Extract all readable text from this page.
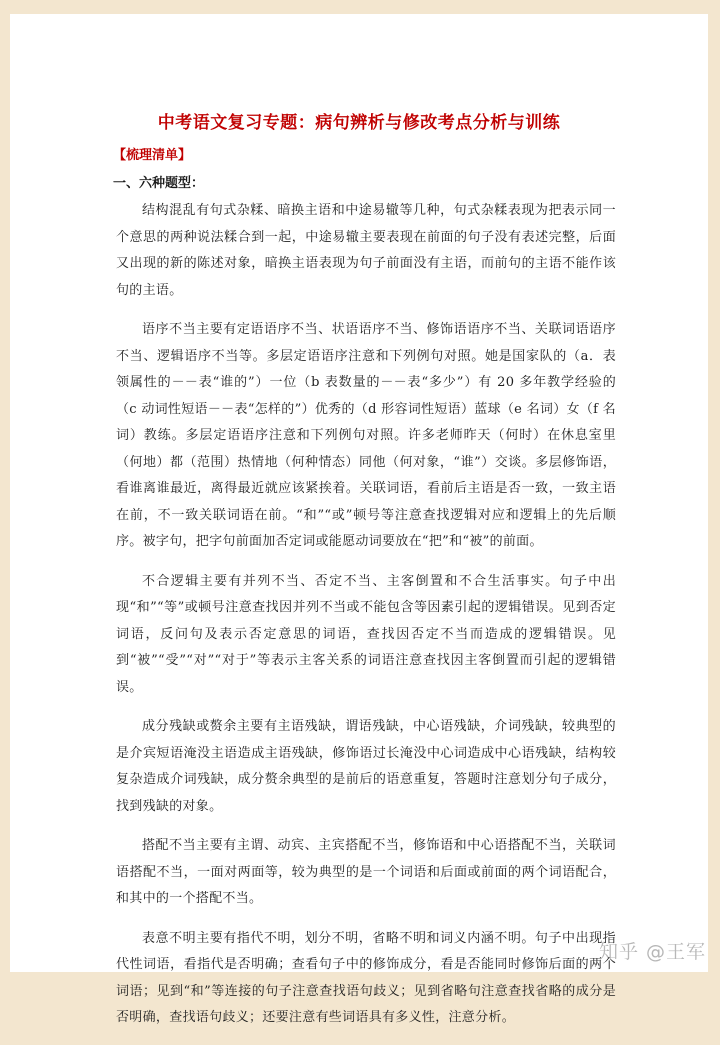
中考语文复习专题：病句辨析与修改考点分析与训练
【梳理清单】
一、六种题型：

结构混乱有句式杂糅、暗换主语和中途易辙等几种，句式杂糅表现为把表示同一个意思的两种说法糅合到一起，中途易辙主要表现在前面的句子没有表述完整，后面又出现的新的陈述对象，暗换主语表现为句子前面没有主语，而前句的主语不能作该句的主语。

语序不当主要有定语语序不当、状语语序不当、修饰语语序不当、关联词语语序不当、逻辑语序不当等。多层定语语序注意和下列例句对照。她是国家队的（a．表领属性的－－表“谁的”）一位（b 表数量的－－表“多少”）有 20 多年教学经验的（c 动词性短语－－表“怎样的”）优秀的（d 形容词性短语）蓝球（e 名词）女（f 名词）教练。多层定语语序注意和下列例句对照。许多老师昨天（何时）在休息室里（何地）都（范围）热情地（何种情态）同他（何对象，“谁”）交谈。多层修饰语，看谁离谁最近，离得最近就应该紧挨着。关联词语，看前后主语是否一致，一致主语在前，不一致关联词语在前。“和”“或”顿号等注意查找逻辑对应和逻辑上的先后顺序。被字句，把字句前面加否定词或能愿动词要放在“把”和“被”的前面。

不合逻辑主要有并列不当、否定不当、主客倒置和不合生活事实。句子中出现“和”“等”或顿号注意查找因并列不当或不能包含等因素引起的逻辑错误。见到否定词语，反问句及表示否定意思的词语，查找因否定不当而造成的逻辑错误。见到“被”“受”“对”“对于”等表示主客关系的词语注意查找因主客倒置而引起的逻辑错误。

成分残缺或赘余主要有主语残缺，谓语残缺，中心语残缺，介词残缺，较典型的是介宾短语淹没主语造成主语残缺，修饰语过长淹没中心词造成中心语残缺，结构较复杂造成介词残缺，成分赘余典型的是前后的语意重复，答题时注意划分句子成分，找到残缺的对象。

搭配不当主要有主谓、动宾、主宾搭配不当，修饰语和中心语搭配不当，关联词语搭配不当，一面对两面等，较为典型的是一个词语和后面或前面的两个词语配合，和其中的一个搭配不当。

表意不明主要有指代不明，划分不明，省略不明和词义内涵不明。句子中出现指代性词语，看指代是否明确；查看句子中的修饰成分，看是否能同时修饰后面的两个词语；见到“和”等连接的句子注意查找语句歧义；见到省略句注意查找省略的成分是否明确，查找语句歧义；还要注意有些词语具有多义性，注意分析。

知乎 @王军
